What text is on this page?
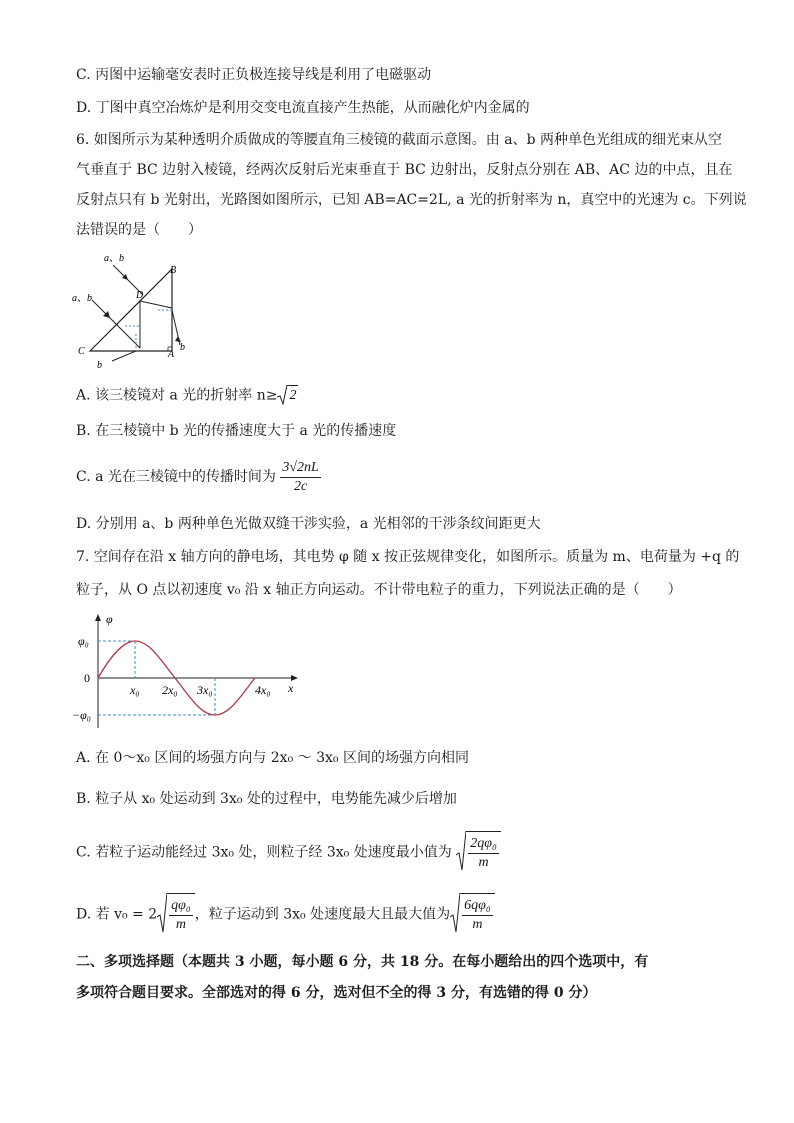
C. 丙图中运输毫安表时正负极连接导线是利用了电磁驱动
D. 丁图中真空冶炼炉是利用交变电流直接产生热能，从而融化炉内金属的
6. 如图所示为某种透明介质做成的等腰直角三棱镜的截面示意图。由 a、b 两种单色光组成的细光束从空
气垂直于 BC 边射入棱镜，经两次反射后光束垂直于 BC 边射出，反射点分别在 AB、AC 边的中点，且在
反射点只有 b 光射出，光路图如图所示，已知 AB=AC=2L, a 光的折射率为 n，真空中的光速为 c。下列说
法错误的是（　　）
a、b
a、b
B
D
C	A
b
b
A. 该三棱镜对 a 光的折射率 n≥ 2
B. 在三棱镜中 b 光的传播速度大于 a 光的传播速度
C. a 光在三棱镜中的传播时间为 $\frac{3√2nL}{2c}$
D. 分别用 a、b 两种单色光做双缝干涉实验，a 光相邻的干涉条纹间距更大
7. 空间存在沿 x 轴方向的静电场，其电势 φ 随 x 按正弦规律变化，如图所示。质量为 m、电荷量为 +q 的
粒子，从 O 点以初速度 v₀ 沿 x 轴正方向运动。不计带电粒子的重力，下列说法正确的是（　　）
φ
φ₀
0
−φ₀
x₀ 2x₀ 3x₀	4x₀ x
A. 在 0～x₀ 区间的场强方向与 2x₀ ～ 3x₀ 区间的场强方向相同
B. 粒子从 x₀ 处运动到 3x₀ 处的过程中，电势能先减少后增加
C. 若粒子运动能经过 3x₀ 处，则粒子经 3x₀ 处速度最小值为 $\frac{\text{2qφ₀}}{m}$
D. 若 $v_0 = 2 \frac{\text{qφ₀}}{m}$ ，粒子运动到 3x₀ 处速度最大且最大值为 $\frac{\text{6qφ₀}}{m}$
二、多项选择题（本题共 3 小题，每小题 6 分，共 18 分。在每小题给出的四个选项中，有
多项符合题目要求。全部选对的得 6 分，选对但不全的得 3 分，有选错的得 0 分）
